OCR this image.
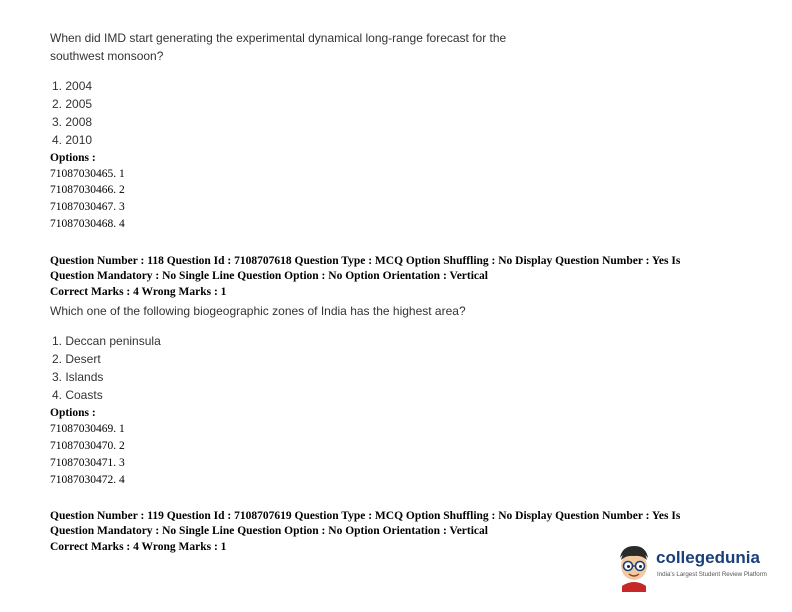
When did IMD start generating the experimental dynamical long-range forecast for the southwest monsoon?
1. 2004
2. 2005
3. 2008
4. 2010
Options :
71087030465. 1
71087030466. 2
71087030467. 3
71087030468. 4
Question Number : 118 Question Id : 7108707618 Question Type : MCQ Option Shuffling : No Display Question Number : Yes Is
Question Mandatory : No Single Line Question Option : No Option Orientation : Vertical
Correct Marks : 4 Wrong Marks : 1
Which one of the following biogeographic zones of India has the highest area?
1. Deccan peninsula
2. Desert
3. Islands
4. Coasts
Options :
71087030469. 1
71087030470. 2
71087030471. 3
71087030472. 4
Question Number : 119 Question Id : 7108707619 Question Type : MCQ Option Shuffling : No Display Question Number : Yes Is
Question Mandatory : No Single Line Question Option : No Option Orientation : Vertical
Correct Marks : 4 Wrong Marks : 1
collegedunia
India's Largest Student Review Platform
